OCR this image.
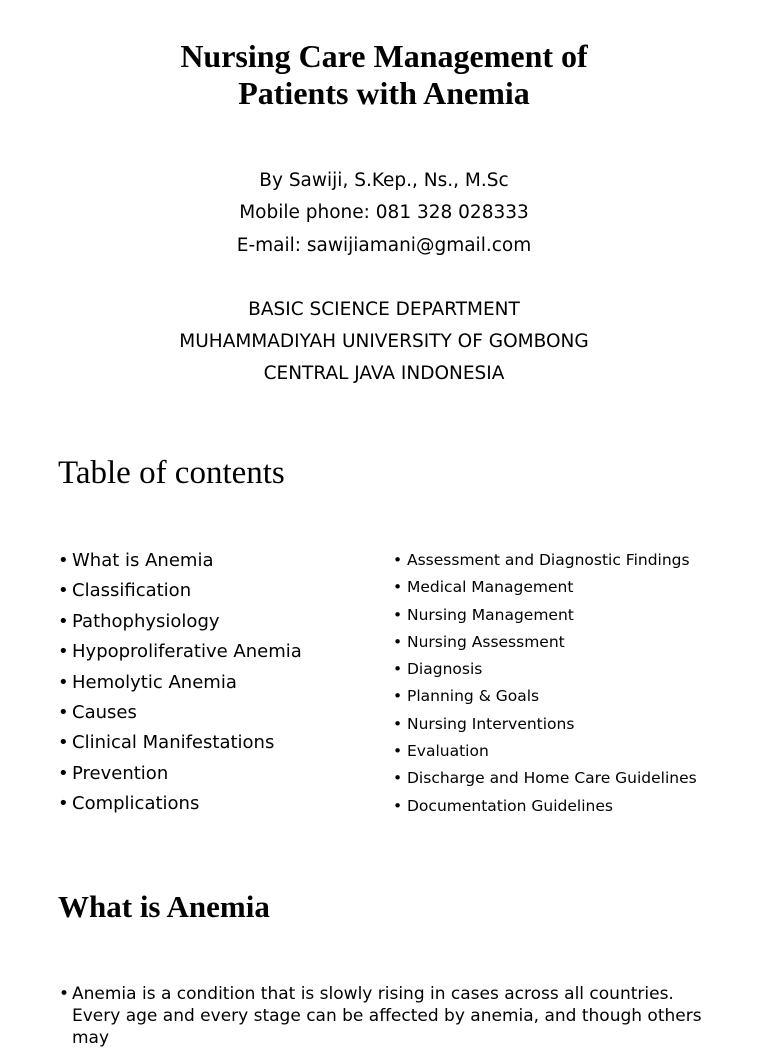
Nursing Care Management of
Patients with Anemia
By Sawiji, S.Kep., Ns., M.Sc
Mobile phone: 081 328 028333
E-mail: sawijiamani@gmail.com
BASIC SCIENCE DEPARTMENT
MUHAMMADIYAH UNIVERSITY OF GOMBONG
CENTRAL JAVA INDONESIA
Table of contents
• What is Anemia
• Classification
• Pathophysiology
• Hypoproliferative Anemia
• Hemolytic Anemia
• Causes
• Clinical Manifestations
• Prevention
• Complications
• Assessment and Diagnostic Findings
• Medical Management
• Nursing Management
• Nursing Assessment
• Diagnosis
• Planning & Goals
• Nursing Interventions
• Evaluation
• Discharge and Home Care Guidelines
• Documentation Guidelines
What is Anemia
• Anemia is a condition that is slowly rising in cases across all countries. Every age and every stage can be affected by anemia, and though others may
